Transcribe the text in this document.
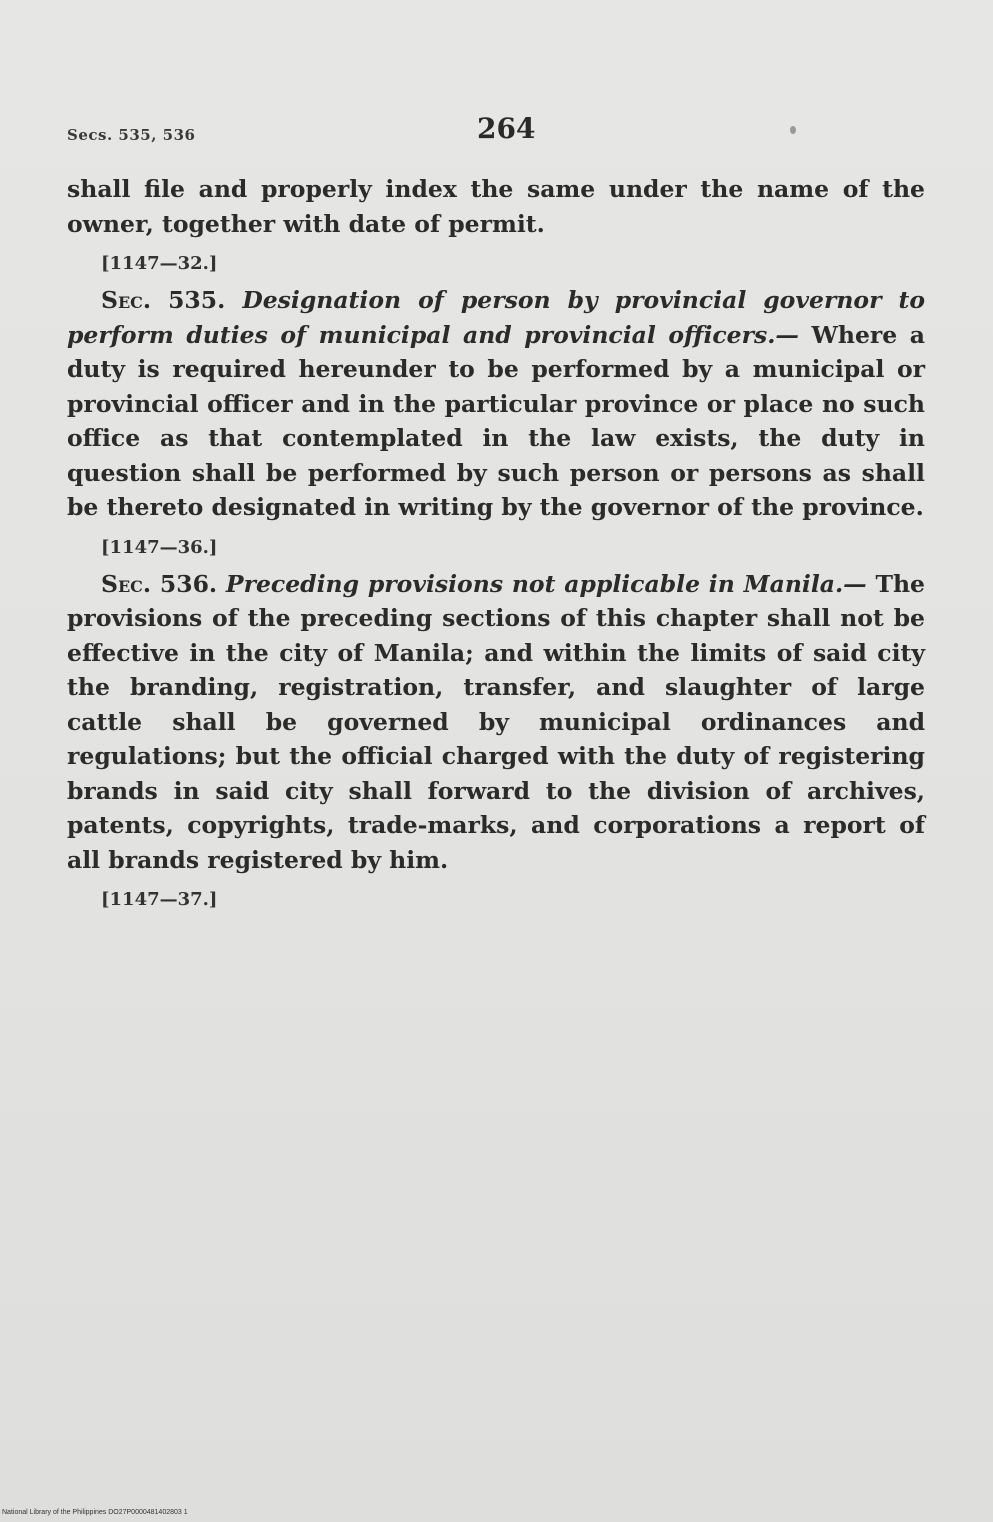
Secs. 535, 536	264

shall file and properly index the same under the name of the owner, together with date of permit.

[1147—32.]

Sec. 535. Designation of person by provincial governor to perform duties of municipal and provincial officers.— Where a duty is required hereunder to be performed by a municipal or provincial officer and in the particular province or place no such office as that contemplated in the law exists, the duty in question shall be performed by such person or persons as shall be thereto designated in writing by the governor of the province.

[1147—36.]

Sec. 536. Preceding provisions not applicable in Manila.— The provisions of the preceding sections of this chapter shall not be effective in the city of Manila; and within the limits of said city the branding, registration, transfer, and slaughter of large cattle shall be governed by municipal ordinances and regulations; but the official charged with the duty of registering brands in said city shall forward to the division of archives, patents, copyrights, trade-marks, and corporations a report of all brands registered by him.

[1147—37.]

National Library of the Philippines DO27P0000481402803 1
